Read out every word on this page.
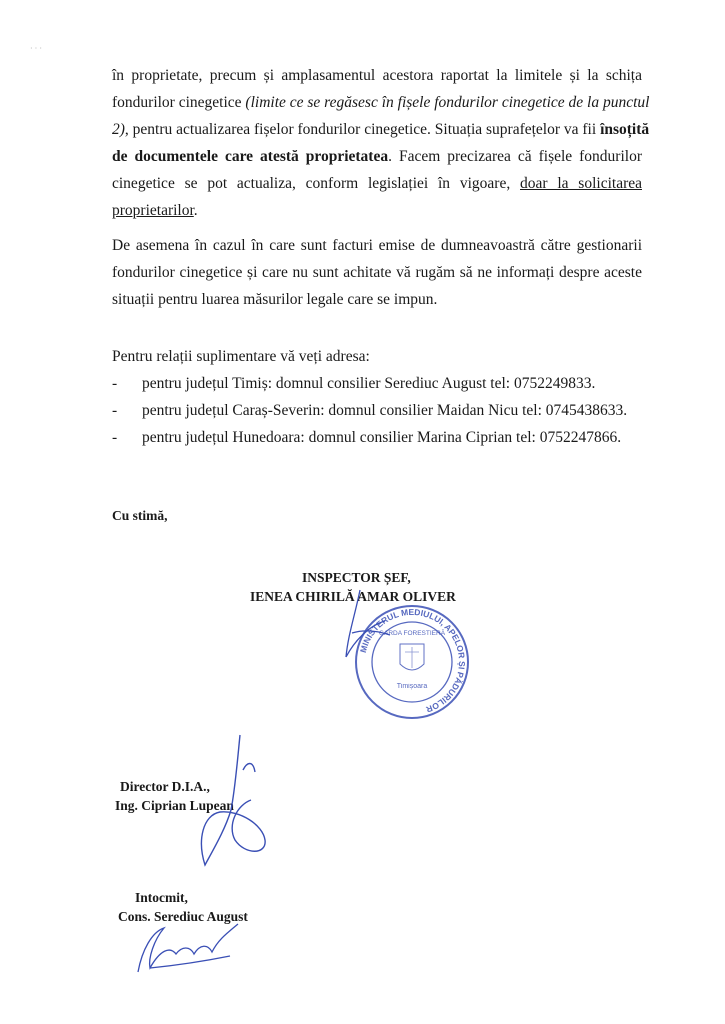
· · ·
în proprietate, precum și amplasamentul acestora raportat la limitele și la schița
fondurilor cinegetice (limite ce se regăsesc în fișele fondurilor cinegetice de la punctul
2), pentru actualizarea fișelor fondurilor cinegetice. Situația suprafețelor va fii însoțită
de documentele care atestă proprietatea. Facem precizarea că fișele fondurilor
cinegetice se pot actualiza, conform legislației în vigoare, doar la solicitarea
proprietarilor.
De asemena în cazul în care sunt facturi emise de dumneavoastră către gestionarii
fondurilor cinegetice și care nu sunt achitate vă rugăm să ne informați despre aceste
situații pentru luarea măsurilor legale care se impun.

Pentru relații suplimentare vă veți adresa:

- pentru județul Timiș: domnul consilier Serediuc August tel: 0752249833.
- pentru județul Caraș-Severin: domnul consilier Maidan Nicu tel: 0745438633.
- pentru județul Hunedoara: domnul consilier Marina Ciprian tel: 0752247866.
Cu stimă,
INSPECTOR ȘEF,
IENEA CHIRILĂ AMAR OLIVER
MINISTERUL MEDIULUI, APELOR ȘI PĂDURILOR
GARDA FORESTIERĂ
Timișoara
Director D.I.A.,
Ing. Ciprian Lupean
Intocmit,
Cons. Serediuc August
